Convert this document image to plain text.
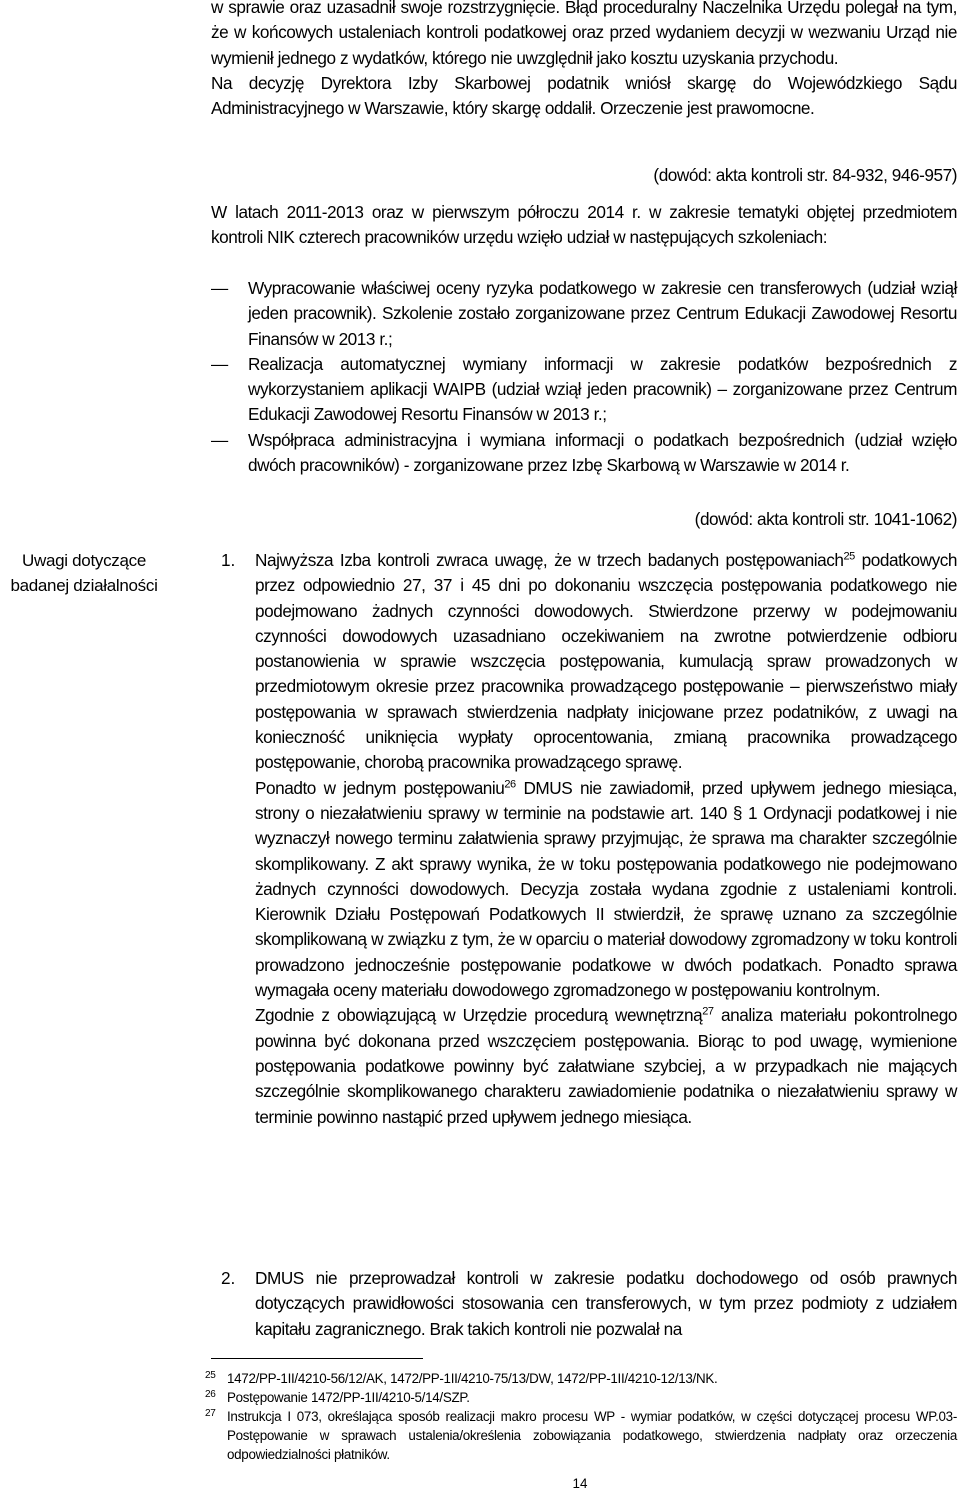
w sprawie oraz uzasadnił swoje rozstrzygnięcie. Błąd proceduralny Naczelnika Urzędu polegał na tym, że w końcowych ustaleniach kontroli podatkowej oraz przed wydaniem decyzji w wezwaniu Urząd nie wymienił jednego z wydatków, którego nie uwzględnił jako kosztu uzyskania przychodu.

Na decyzję Dyrektora Izby Skarbowej podatnik wniósł skargę do Wojewódzkiego Sądu Administracyjnego w Warszawie, który skargę oddalił. Orzeczenie jest prawomocne.

(dowód: akta kontroli str. 84-932, 946-957)
W latach 2011-2013 oraz w pierwszym półroczu 2014 r. w zakresie tematyki objętej przedmiotem kontroli NIK czterech pracowników urzędu wzięło udział w następujących szkoleniach:
—	Wypracowanie właściwej oceny ryzyka podatkowego w zakresie cen transferowych (udział wziął jeden pracownik). Szkolenie zostało zorganizowane przez Centrum Edukacji Zawodowej Resortu Finansów w 2013 r.;
—	Realizacja automatycznej wymiany informacji w zakresie podatków bezpośrednich z wykorzystaniem aplikacji WAIPB (udział wziął jeden pracownik) – zorganizowane przez Centrum Edukacji Zawodowej Resortu Finansów w 2013 r.;
—	Współpraca administracyjna i wymiana informacji o podatkach bezpośrednich (udział wzięło dwóch pracowników) - zorganizowane przez Izbę Skarbową w Warszawie w 2014 r.
(dowód: akta kontroli str. 1041-1062)
Uwagi dotyczące
badanej działalności
1. Najwyższa Izba kontroli zwraca uwagę, że w trzech badanych postępowaniach$^{25}$ podatkowych przez odpowiednio 27, 37 i 45 dni po dokonaniu wszczęcia postępowania podatkowego nie podejmowano żadnych czynności dowodowych. Stwierdzone przerwy w podejmowaniu czynności dowodowych uzasadniano oczekiwaniem na zwrotne potwierdzenie odbioru postanowienia w sprawie wszczęcia postępowania, kumulacją spraw prowadzonych w przedmiotowym okresie przez pracownika prowadzącego postępowanie – pierwszeństwo miały postępowania w sprawach stwierdzenia nadpłaty inicjowane przez podatników, z uwagi na konieczność uniknięcia wypłaty oprocentowania, zmianą pracownika prowadzącego postępowanie, chorobą pracownika prowadzącego sprawę.

Ponadto w jednym postępowaniu$^{26}$ DMUS nie zawiadomił, przed upływem jednego miesiąca, strony o niezałatwieniu sprawy w terminie na podstawie art. 140 § 1 Ordynacji podatkowej i nie wyznaczył nowego terminu załatwienia sprawy przyjmując, że sprawa ma charakter szczególnie skomplikowany. Z akt sprawy wynika, że w toku postępowania podatkowego nie podejmowano żadnych czynności dowodowych. Decyzja została wydana zgodnie z ustaleniami kontroli. Kierownik Działu Postępowań Podatkowych II stwierdził, że sprawę uznano za szczególnie skomplikowaną w związku z tym, że w oparciu o materiał dowodowy zgromadzony w toku kontroli prowadzono jednocześnie postępowanie podatkowe w dwóch podatkach. Ponadto sprawa wymagała oceny materiału dowodowego zgromadzonego w postępowaniu kontrolnym.

Zgodnie z obowiązującą w Urzędzie procedurą wewnętrzną$^{27}$ analiza materiału pokontrolnego powinna być dokonana przed wszczęciem postępowania. Biorąc to pod uwagę, wymienione postępowania podatkowe powinny być załatwiane szybciej, a w przypadkach nie mających szczególnie skomplikowanego charakteru zawiadomienie podatnika o niezałatwieniu sprawy w terminie powinno nastąpić przed upływem jednego miesiąca.

2. DMUS nie przeprowadzał kontroli w zakresie podatku dochodowego od osób prawnych dotyczących prawidłowości stosowania cen transferowych, w tym przez podmioty z udziałem kapitału zagranicznego. Brak takich kontroli nie pozwalał na
25 1472/PP-1II/4210-56/12/AK, 1472/PP-1II/4210-75/13/DW, 1472/PP-1II/4210-12/13/NK.
26 Postępowanie 1472/PP-1II/4210-5/14/SZP.
27 Instrukcja I 073, określająca sposób realizacji makro procesu WP - wymiar podatków, w części dotyczącej procesu WP.03- Postępowanie w sprawach ustalenia/określenia zobowiązania podatkowego, stwierdzenia nadpłaty oraz orzeczenia odpowiedzialności płatników.
14
